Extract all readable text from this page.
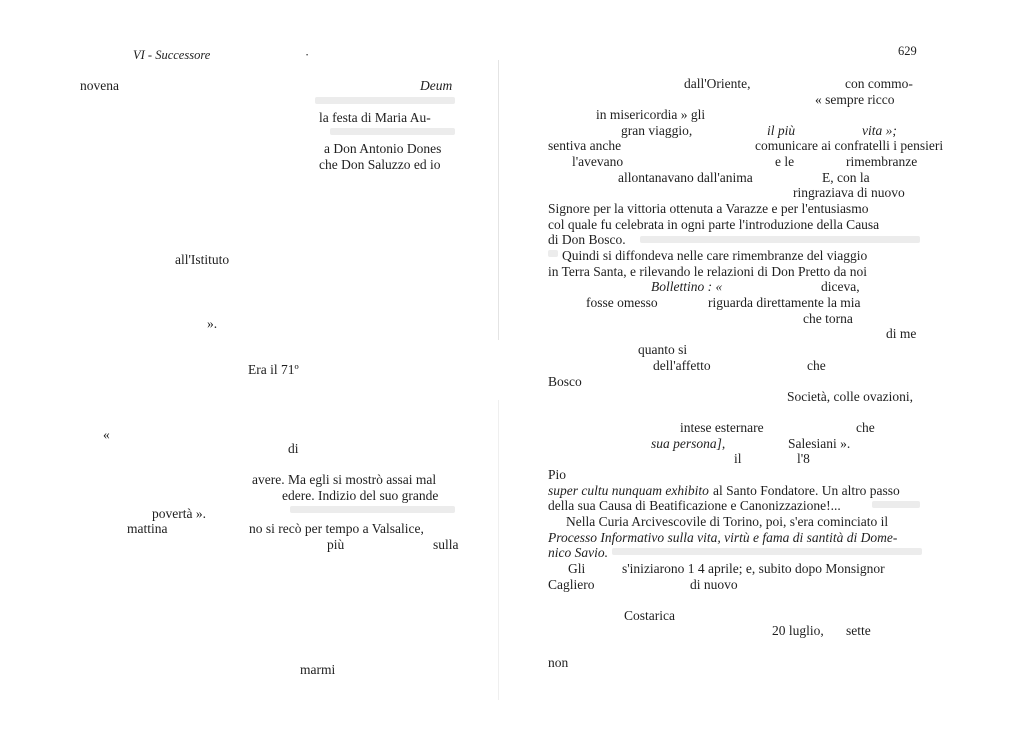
VI - Successore	·
novena	Deum
la festa di Maria Au-
a Don Antonio Dones
che Don Saluzzo ed io
all'Istituto
».
Era il 71º
«
di
avere. Ma egli si mostrò assai mal
edere. Indizio del suo grande
povertà ».
mattina	no si recò per tempo a Valsalice,
più	sulla
marmi
629
dall'Oriente,	con commo-
« sempre ricco
in misericordia » gli
gran viaggio,	il più	vita »;
sentiva anche	comunicare ai confratelli i pensieri
l'avevano	e le	rimembranze
allontanavano dall'anima	E, con la
ringraziava di nuovo
Signore per la vittoria ottenuta a Varazze e per l'entusiasmo
col quale fu celebrata in ogni parte l'introduzione della Causa
di Don Bosco.
Quindi si diffondeva nelle care rimembranze del viaggio
in Terra Santa, e rilevando le relazioni di Don Pretto da noi
Bollettino : «	diceva,
fosse omesso	riguarda direttamente la mia
che torna
di me
quanto si
dell'affetto	che
Bosco
Società, colle ovazioni,
intese esternare	che
sua persona],	Salesiani ».
il	l'8
Pio
super cultu nunquam exhibito al Santo Fondatore. Un altro passo
della sua Causa di Beatificazione e Canonizzazione!...
Nella Curia Arcivescovile di Torino, poi, s'era cominciato il
Processo Informativo sulla vita, virtù e fama di santità di Dome-
nico Savio.
Gli	s'iniziarono 1 4 aprile; e, subito dopo Monsignor
Cagliero	di nuovo
Costarica
20 luglio, sette
non
